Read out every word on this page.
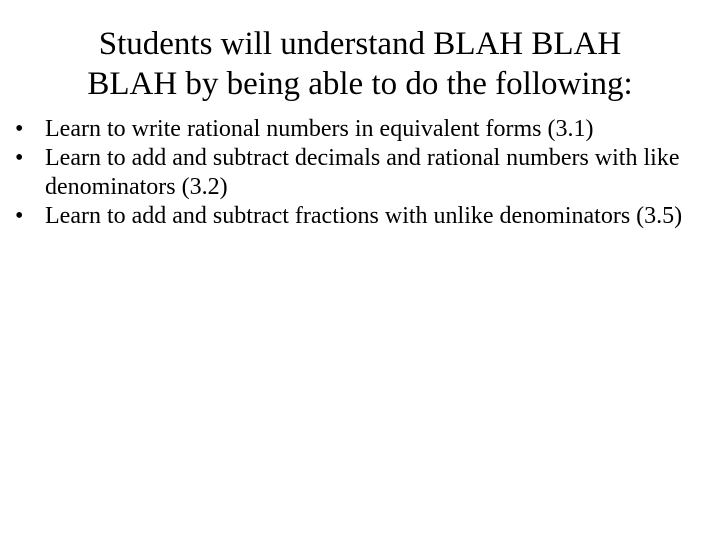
Students will understand BLAH BLAH
BLAH by being able to do the following:
• Learn to write rational numbers in equivalent forms (3.1)
• Learn to add and subtract decimals and rational numbers with like denominators (3.2)
• Learn to add and subtract fractions with unlike denominators (3.5)
